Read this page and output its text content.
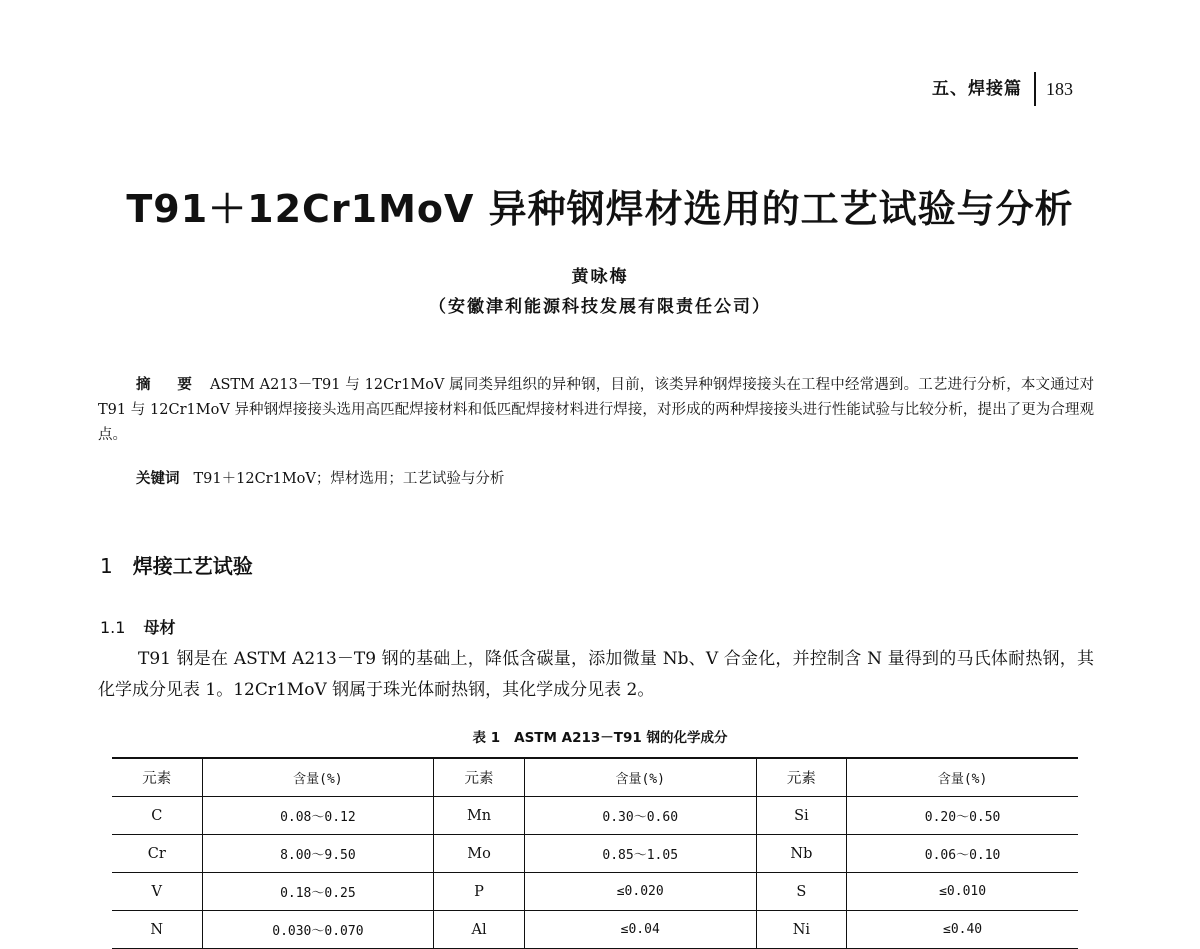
五、焊接篇	183
T91＋12Cr1MoV 异种钢焊材选用的工艺试验与分析
黄咏梅
（安徽津利能源科技发展有限责任公司）

摘　要 ASTM A213－T91 与 12Cr1MoV 属同类异组织的异种钢，目前，该类异种钢焊接接头在工程中经常遇到。工艺进行分析，本文通过对 T91 与 12Cr1MoV 异种钢焊接接头选用高匹配焊接材料和低匹配焊接材料进行焊接，对形成的两种焊接接头进行性能试验与比较分析，提出了更为合理观点。

关键词 T91＋12Cr1MoV；焊材选用；工艺试验与分析
1 焊接工艺试验
1.1 母材

T91 钢是在 ASTM A213－T9 钢的基础上，降低含碳量，添加微量 Nb、V 合金化，并控制含 N 量得到的马氏体耐热钢，其化学成分见表 1。12Cr1MoV 钢属于珠光体耐热钢，其化学成分见表 2。

表 1 ASTM A213－T91 钢的化学成分
元素	含量(%)	元素	含量(%)	元素	含量(%)
C	0.08～0.12	Mn	0.30～0.60	Si	0.20～0.50
Cr	8.00～9.50	Mo	0.85～1.05	Nb	0.06～0.10
V	0.18～0.25	P	≤0.020	S	≤0.010
N	0.030～0.070	Al	≤0.04	Ni	≤0.40
